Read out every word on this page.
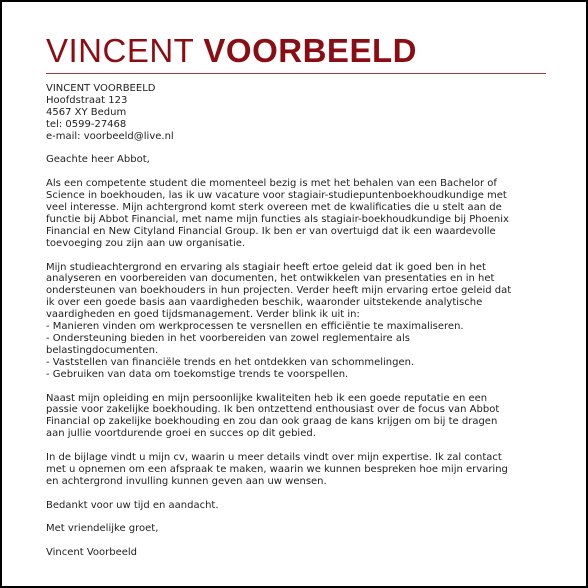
VINCENT VOORBEELD
VINCENT VOORBEELD
Hoofdstraat 123
4567 XY Bedum
tel: 0599-27468
e-mail: voorbeeld@live.nl
Geachte heer Abbot,
Als een competente student die momenteel bezig is met het behalen van een Bachelor of
Science in boekhouden, las ik uw vacature voor stagiair-studiepuntenboekhoudkundige met
veel interesse. Mijn achtergrond komt sterk overeen met de kwalificaties die u stelt aan de
functie bij Abbot Financial, met name mijn functies als stagiair-boekhoudkundige bij Phoenix
Financial en New Cityland Financial Group. Ik ben er van overtuigd dat ik een waardevolle
toevoeging zou zijn aan uw organisatie.
Mijn studieachtergrond en ervaring als stagiair heeft ertoe geleid dat ik goed ben in het
analyseren en voorbereiden van documenten, het ontwikkelen van presentaties en in het
ondersteunen van boekhouders in hun projecten. Verder heeft mijn ervaring ertoe geleid dat
ik over een goede basis aan vaardigheden beschik, waaronder uitstekende analytische
vaardigheden en goed tijdsmanagement. Verder blink ik uit in:
- Manieren vinden om werkprocessen te versnellen en efficiëntie te maximaliseren.
- Ondersteuning bieden in het voorbereiden van zowel reglementaire als
belastingdocumenten.
- Vaststellen van financiële trends en het ontdekken van schommelingen.
- Gebruiken van data om toekomstige trends te voorspellen.
Naast mijn opleiding en mijn persoonlijke kwaliteiten heb ik een goede reputatie en een
passie voor zakelijke boekhouding. Ik ben ontzettend enthousiast over de focus van Abbot
Financial op zakelijke boekhouding en zou dan ook graag de kans krijgen om bij te dragen
aan jullie voortdurende groei en succes op dit gebied.
In de bijlage vindt u mijn cv, waarin u meer details vindt over mijn expertise. Ik zal contact
met u opnemen om een afspraak te maken, waarin we kunnen bespreken hoe mijn ervaring
en achtergrond invulling kunnen geven aan uw wensen.
Bedankt voor uw tijd en aandacht.
Met vriendelijke groet,
Vincent Voorbeeld
